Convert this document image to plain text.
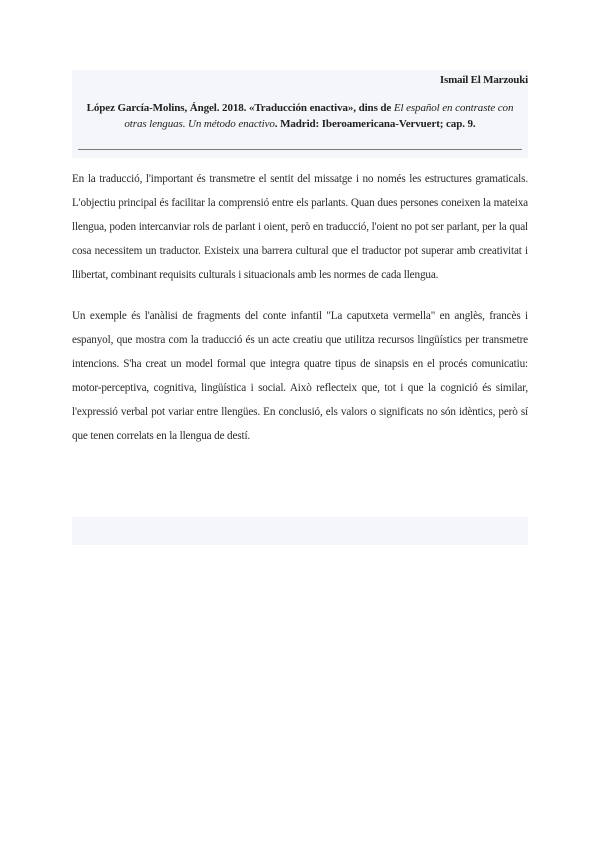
Ismail El Marzouki
López García-Molins, Ángel. 2018. «Traducción enactiva», dins de El español en contraste con otras lenguas. Un método enactivo. Madrid: Iberoamericana-Vervuert; cap. 9.

En la traducció, l'important és transmetre el sentit del missatge i no només les estructures gramaticals. L'objectiu principal és facilitar la comprensió entre els parlants. Quan dues persones coneixen la mateixa llengua, poden intercanviar rols de parlant i oient, però en traducció, l'oient no pot ser parlant, per la qual cosa necessitem un traductor. Existeix una barrera cultural que el traductor pot superar amb creativitat i llibertat, combinant requisits culturals i situacionals amb les normes de cada llengua.

Un exemple és l'anàlisi de fragments del conte infantil "La caputxeta vermella" en anglès, francès i espanyol, que mostra com la traducció és un acte creatiu que utilitza recursos lingüístics per transmetre intencions. S'ha creat un model formal que integra quatre tipus de sinapsis en el procés comunicatiu: motor-perceptiva, cognitiva, lingüística i social. Això reflecteix que, tot i que la cognició és similar, l'expressió verbal pot variar entre llengües. En conclusió, els valors o significats no són idèntics, però sí que tenen correlats en la llengua de destí.
